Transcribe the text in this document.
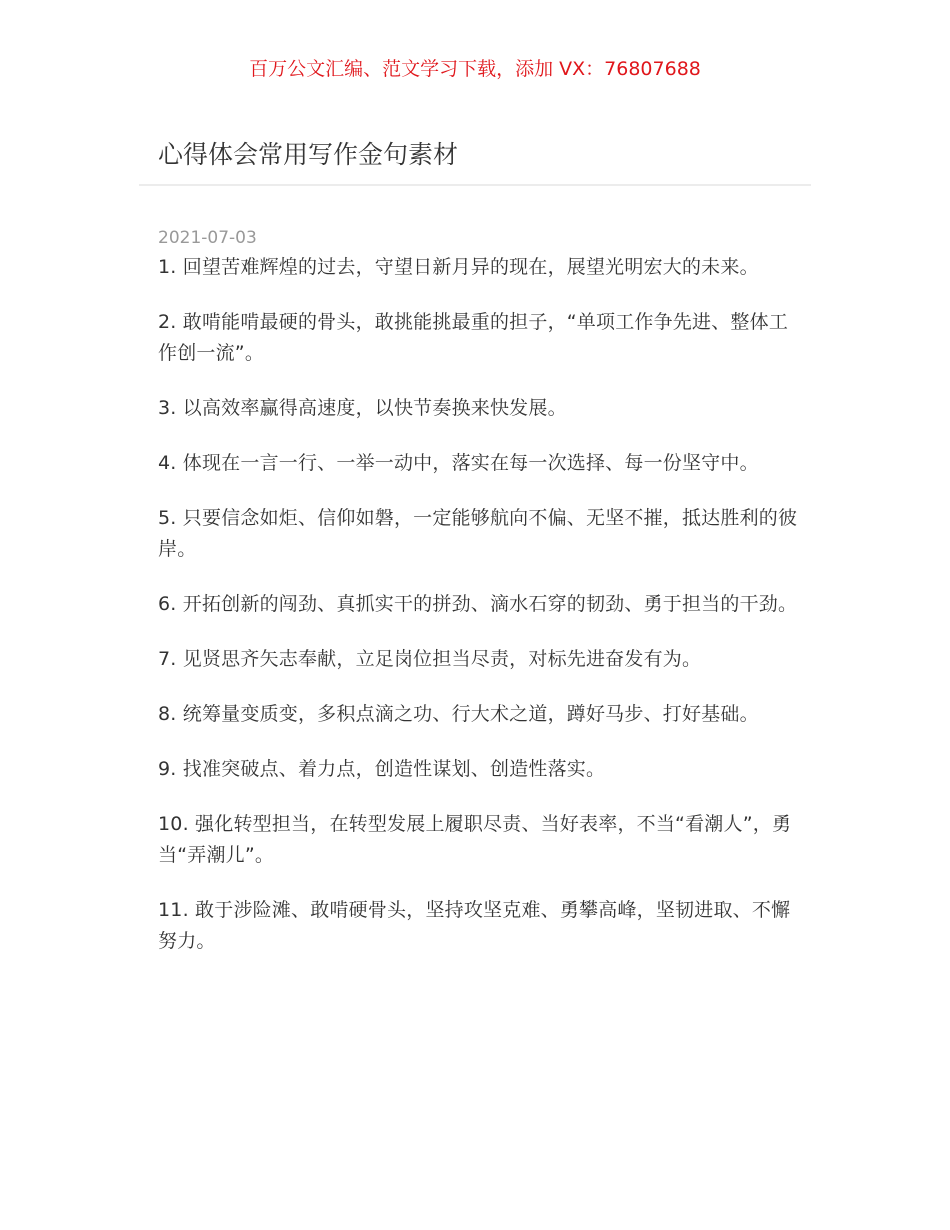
百万公文汇编、范文学习下载，添加 VX：76807688
心得体会常用写作金句素材
2021-07-03

1. 回望苦难辉煌的过去，守望日新月异的现在，展望光明宏大的未来。

2. 敢啃能啃最硬的骨头，敢挑能挑最重的担子，“单项工作争先进、整体工作创一流”。

3. 以高效率赢得高速度，以快节奏换来快发展。

4. 体现在一言一行、一举一动中，落实在每一次选择、每一份坚守中。

5. 只要信念如炬、信仰如磐，一定能够航向不偏、无坚不摧，抵达胜利的彼岸。

6. 开拓创新的闯劲、真抓实干的拼劲、滴水石穿的韧劲、勇于担当的干劲。

7. 见贤思齐矢志奉献，立足岗位担当尽责，对标先进奋发有为。

8. 统筹量变质变，多积点滴之功、行大术之道，蹲好马步、打好基础。

9. 找准突破点、着力点，创造性谋划、创造性落实。

10. 强化转型担当，在转型发展上履职尽责、当好表率，不当“看潮人”，勇当“弄潮儿”。

11. 敢于涉险滩、敢啃硬骨头，坚持攻坚克难、勇攀高峰，坚韧进取、不懈努力。
